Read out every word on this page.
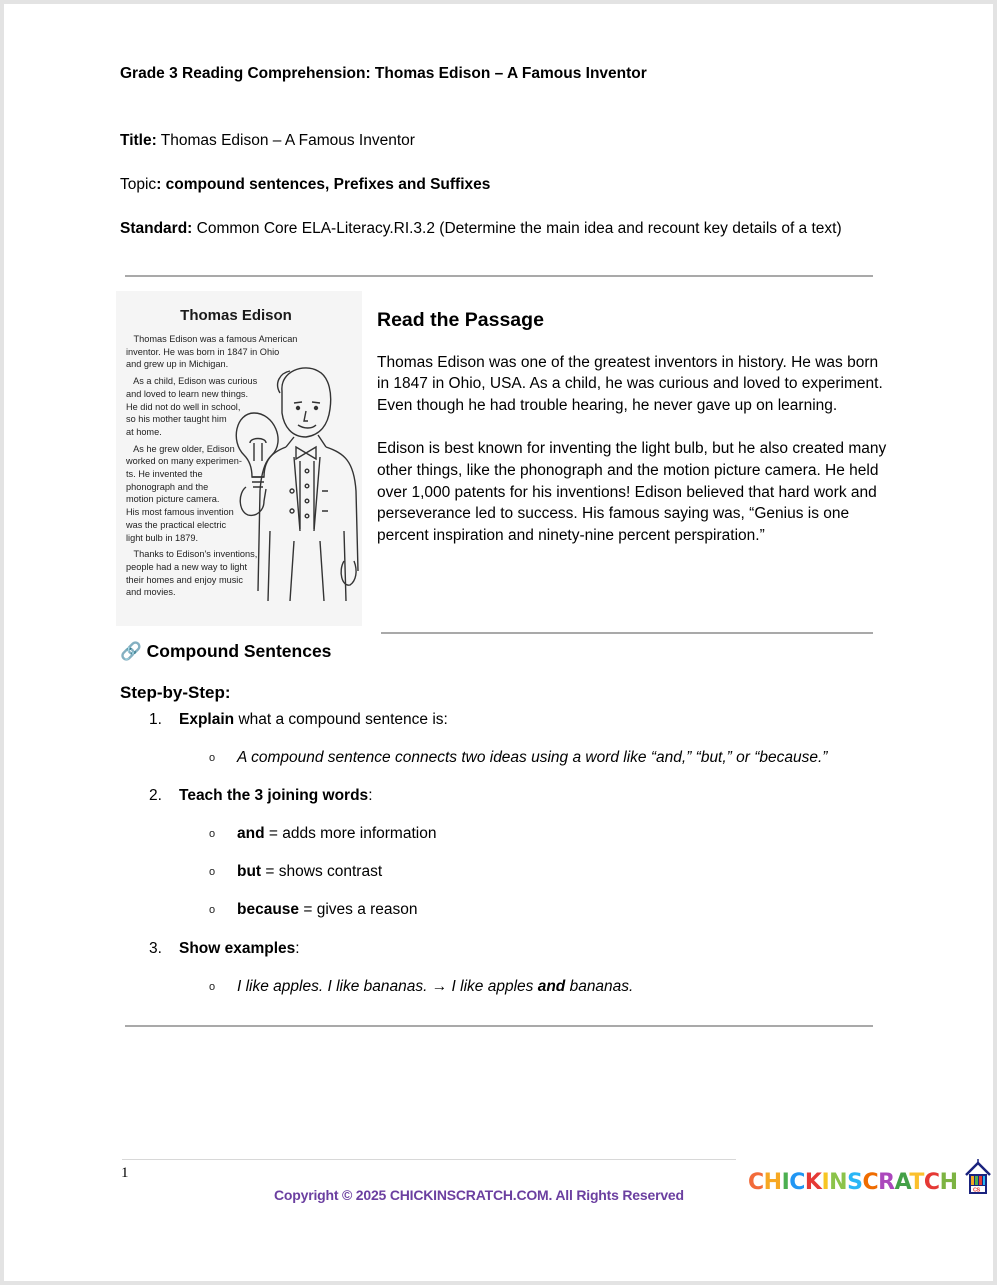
Grade 3 Reading Comprehension: Thomas Edison – A Famous Inventor
Title: Thomas Edison – A Famous Inventor
Topic: compound sentences, Prefixes and Suffixes
Standard: Common Core ELA-Literacy.RI.3.2 (Determine the main idea and recount key details of a text)
Thomas Edison
Thomas Edison was a famous American
inventor. He was born in 1847 in Ohio
and grew up in Michigan.
As a child, Edison was curious
and loved to learn new things.
He did not do well in school,
so his mother taught him
at home.
As he grew older, Edison
worked on many experimen-
ts. He invented the
phonograph and the
motion picture camera.
His most famous invention
was the practical electric
light bulb in 1879.
Thanks to Edison's inventions,
people had a new way to light
their homes and enjoy music
and movies.
Read the Passage

Thomas Edison was one of the greatest inventors in history. He was born in 1847 in Ohio, USA. As a child, he was curious and loved to experiment. Even though he had trouble hearing, he never gave up on learning.

Edison is best known for inventing the light bulb, but he also created many other things, like the phonograph and the motion picture camera. He held over 1,000 patents for his inventions! Edison believed that hard work and perseverance led to success. His famous saying was, “Genius is one percent inspiration and ninety-nine percent perspiration.”

🔗 Compound Sentences
Step-by-Step:
1. Explain what a compound sentence is:
o A compound sentence connects two ideas using a word like “and,” “but,” or “because.”
2. Teach the 3 joining words:
o and = adds more information
o but = shows contrast
o because = gives a reason
3. Show examples:
o I like apples. I like bananas. → I like apples and bananas.
1
Copyright © 2025 CHICKINSCRATCH.COM. All Rights Reserved	CHICKINSCRATCH	CS
